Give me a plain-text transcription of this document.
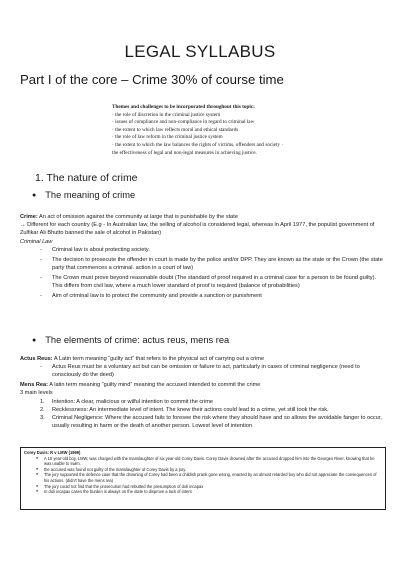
LEGAL SYLLABUS
Part I of the core – Crime 30% of course time
Themes and challenges to be incorporated throughout this topic:
· the role of discretion in the criminal justice system
· issues of compliance and non-compliance in regard to criminal law
· the extent to which law reflects moral and ethical standards
· the role of law reform in the criminal justice system
· the extent to which the law balances the rights of victims, offenders and society ·
the effectiveness of legal and non-legal measures in achieving justice.
1. The nature of crime
● The meaning of crime
Crime: An act of omission against the community at large that is punishable by the state
→ Different for each country (E.g - In Australian law, the selling of alcohol is considered legal, whereas in April 1977, the populist government of Zulfikar Ali Bhutto banned the sale of alcohol in Pakistan)
Criminal Law
- Criminal law is about protecting society.
- The decision to prosecute the offender in court is made by the police and/or DPP. They are known as the state or the Crown (the state party that commences a criminal. action in a court of law)
- The Crown must prove beyond reasonable doubt (The standard of proof required in a criminal case for a person to be found guilty). This differs from civil law, where a much lower standard of proof is required (balance of probabilities)
- Aim of criminal law is to protect the community and provide a sanction or punishment
● The elements of crime: actus reus, mens rea
Actus Reus: A Latin term meaning “guilty act” that refers to the physical act of carrying out a crime
- Actus Reus must be a voluntary act but can be omission or failure to act, particularly in cases of criminal negligence (need to consciously do the deed)
Mens Rea: A latin term meaning “guilty mind” meaning the accused intended to commit the crime
3 main levels
1. Intention: A clear, malicious or wilful intention to commit the crime
2. Recklessness: An intermediate level of intent. The knew their actions could lead to a crime, yet still took the risk.
3. Criminal Negligence: Where the accused fails to foresee the risk where they should have and so allows the avoidable fanger to occur, usually resulting in harm or the death of another person. Lowest level of intention
Corey Davis: R v LMW (1999)
● A 10 year-old boy, LMW, was charged with the manslaughter of six year-old Corey Davis. Corey Davis drowned after the accused dropped him into the Georges River, knowing that he was unable to swim.
● the accused was found not guilty of the manslaughter of Corey Davis by a jury.
● The jury supported the defence case that the drowning of Corey had been a childish prank gone wrong, enacted by an almost retarded boy who did not appreciate the consequences of his actions. (didn't have the mens rea)
● The jury could not find that the prosecution had rebutted the presumption of doli incapax
● In doli incapax cases the burden is always on the state to disprove a lack of intent
